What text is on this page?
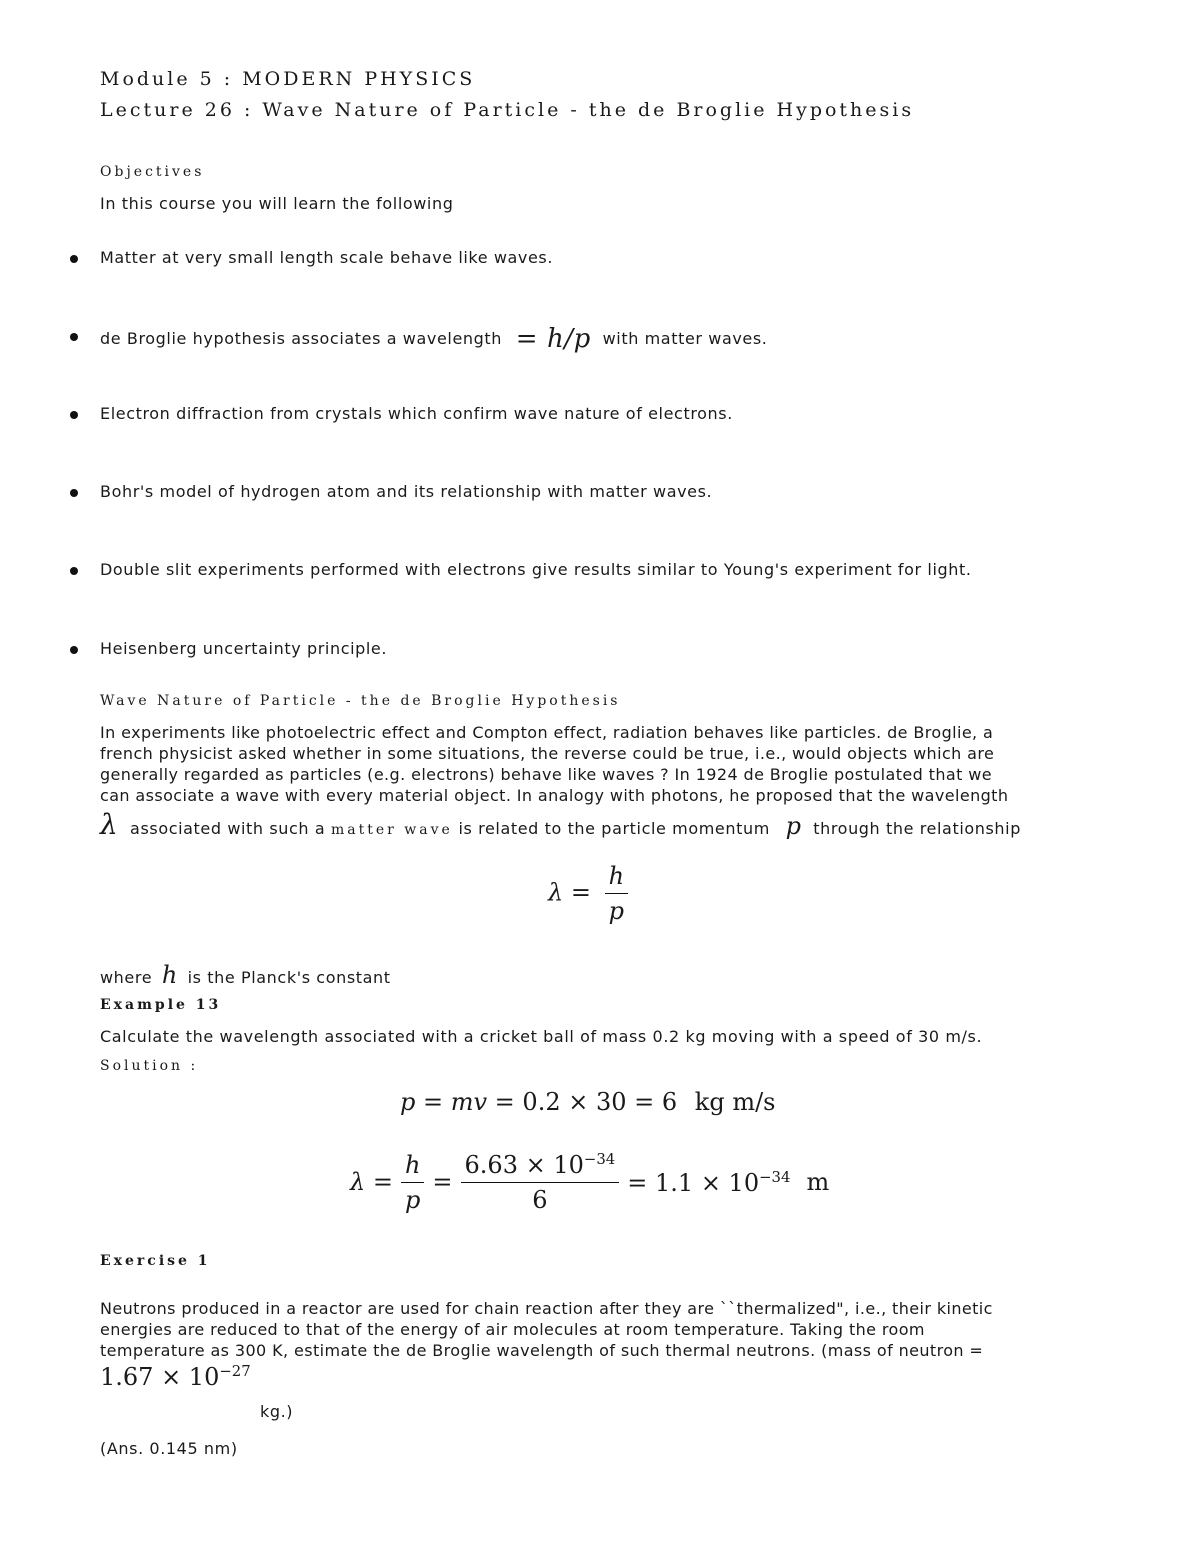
Module 5 : MODERN PHYSICS
Lecture 26 : Wave Nature of Particle - the de Broglie Hypothesis
Objectives
In this course you will learn the following
Matter at very small length scale behave like waves.
de Broglie hypothesis associates a wavelength = h/p with matter waves.
Electron diffraction from crystals which confirm wave nature of electrons.
Bohr's model of hydrogen atom and its relationship with matter waves.
Double slit experiments performed with electrons give results similar to Young's experiment for light.
Heisenberg uncertainty principle.
Wave Nature of Particle - the de Broglie Hypothesis
In experiments like photoelectric effect and Compton effect, radiation behaves like particles. de Broglie, a
french physicist asked whether in some situations, the reverse could be true, i.e., would objects which are
generally regarded as particles (e.g. electrons) behave like waves ? In 1924 de Broglie postulated that we
can associate a wave with every material object. In analogy with photons, he proposed that the wavelength
λ associated with such a matter wave is related to the particle momentum p through the relationship
$\lambda = \frac{h}{p}$
where h is the Planck's constant
Example 13
Calculate the wavelength associated with a cricket ball of mass 0.2 kg moving with a speed of 30 m/s.
Solution :
p = mv = 0.2 × 30 = 6 kg m/s
$\lambda = \frac{h}{p} = \frac{6.63 \times 10^{-34}}{6} = 1.1 \times 10^{-34}$ m
Exercise 1
Neutrons produced in a reactor are used for chain reaction after they are ``thermalized", i.e., their kinetic
energies are reduced to that of the energy of air molecules at room temperature. Taking the room
temperature as 300 K, estimate the de Broglie wavelength of such thermal neutrons. (mass of neutron =
$1.67 \times 10^{-27}$
kg.)
(Ans. 0.145 nm)
